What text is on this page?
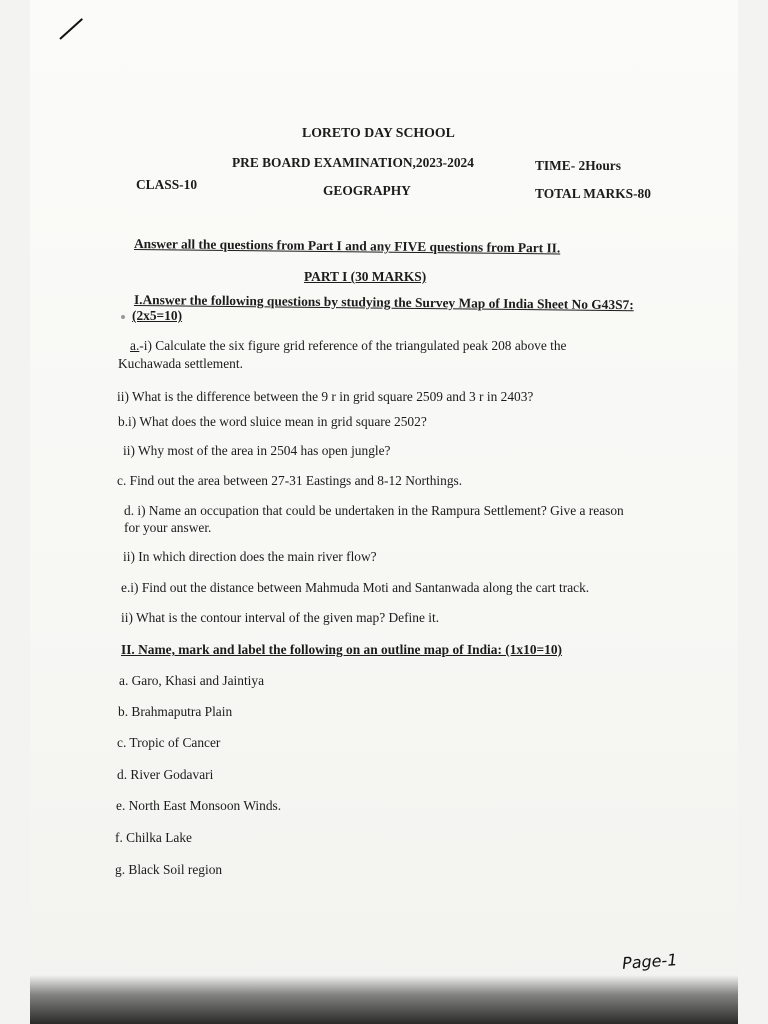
LORETO DAY SCHOOL
PRE BOARD EXAMINATION,2023-2024	TIME- 2Hours
CLASS-10	GEOGRAPHY	TOTAL MARKS-80
Answer all the questions from Part I and any FIVE questions from Part II.
PART I (30 MARKS)
I.Answer the following questions by studying the Survey Map of India Sheet No G43S7:
(2x5=10)
a.-i) Calculate the six figure grid reference of the triangulated peak 208 above the
Kuchawada settlement.
ii) What is the difference between the 9 r in grid square 2509 and 3 r in 2403?
b.i) What does the word sluice mean in grid square 2502?
ii) Why most of the area in 2504 has open jungle?
c. Find out the area between 27-31 Eastings and 8-12 Northings.
d. i) Name an occupation that could be undertaken in the Rampura Settlement? Give a reason
for your answer.
ii) In which direction does the main river flow?
e.i) Find out the distance between Mahmuda Moti and Santanwada along the cart track.
ii) What is the contour interval of the given map? Define it.
II. Name, mark and label the following on an outline map of India: (1x10=10)
a. Garo, Khasi and Jaintiya
b. Brahmaputra Plain
c. Tropic of Cancer
d. River Godavari
e. North East Monsoon Winds.
f. Chilka Lake
g. Black Soil region
Page-1
